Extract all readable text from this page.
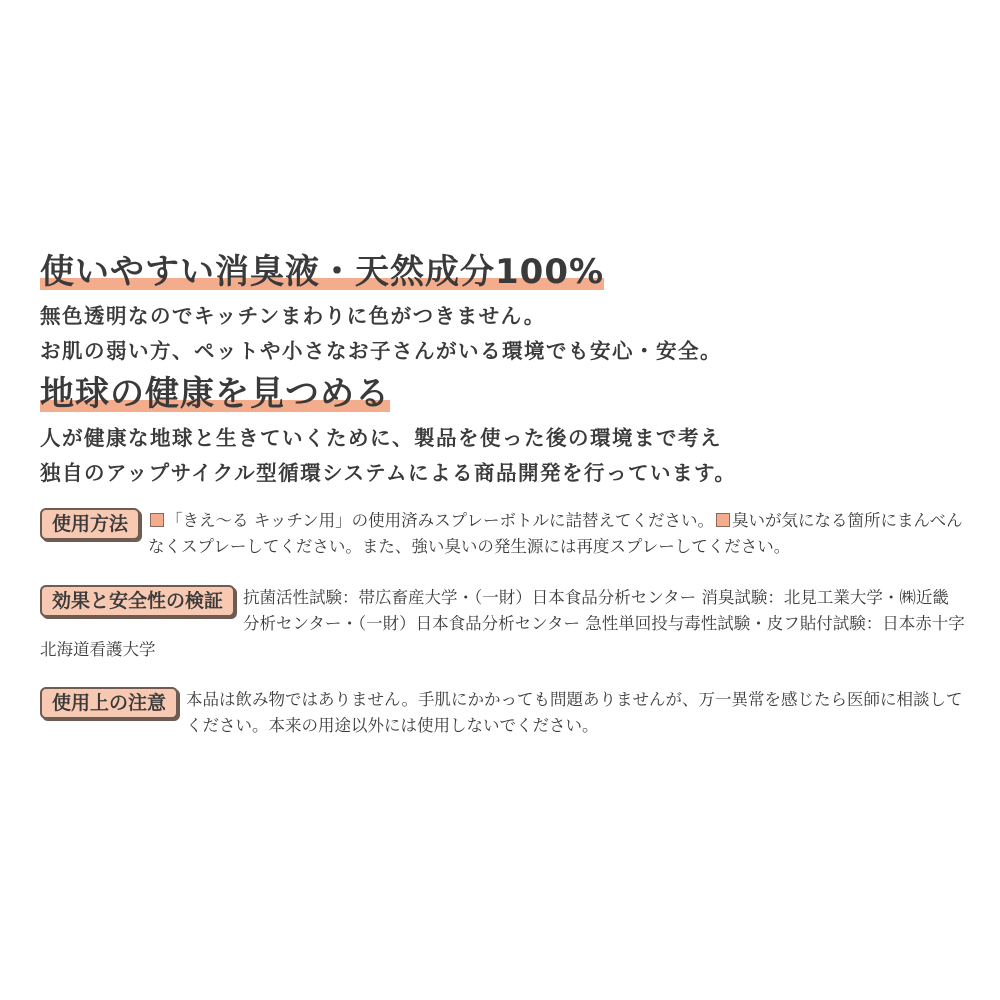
使いやすい消臭液・天然成分100%

無色透明なのでキッチンまわりに色がつきません。
お肌の弱い方、ペットや小さなお子さんがいる環境でも安心・安全。

地球の健康を見つめる

人が健康な地球と生きていくために、製品を使った後の環境まで考え
独自のアップサイクル型循環システムによる商品開発を行っています。

使用方法	「きえ〜る キッチン用」の使用済みスプレーボトルに詰替えてください。 臭いが気になる箇所にまんべんなくスプレーしてください。また、強い臭いの発生源には再度スプレーしてください。
効果と安全性の検証	抗菌活性試験：帯広畜産大学・（一財）日本食品分析センター 消臭試験：北見工業大学・㈱近畿分析センター・（一財）日本食品分析センター 急性単回投与毒性試験・皮フ貼付試験：日本赤十字北海道看護大学
使用上の注意	本品は飲み物ではありません。手肌にかかっても問題ありませんが、万一異常を感じたら医師に相談してください。本来の用途以外には使用しないでください。
